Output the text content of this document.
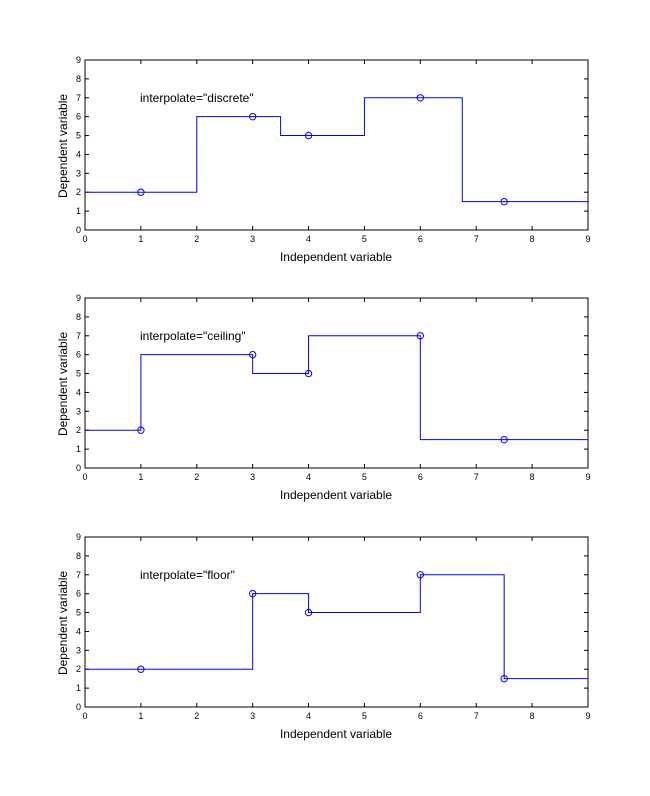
interpolate="discrete"
Independent variable
Dependent variable
0	1	2	3	4	5	6	7	8	9
0
1
2
3
4
5
6
7
8
9
interpolate="ceiling"
Independent variable
Dependent variable
0	1	2	3	4	5	6	7	8	9
0
1
2
3
4
5
6
7
8
9
interpolate="floor"
Independent variable
Dependent variable
0	1	2	3	4	5	6	7	8	9
0
1
2
3
4
5
6
7
8
9
